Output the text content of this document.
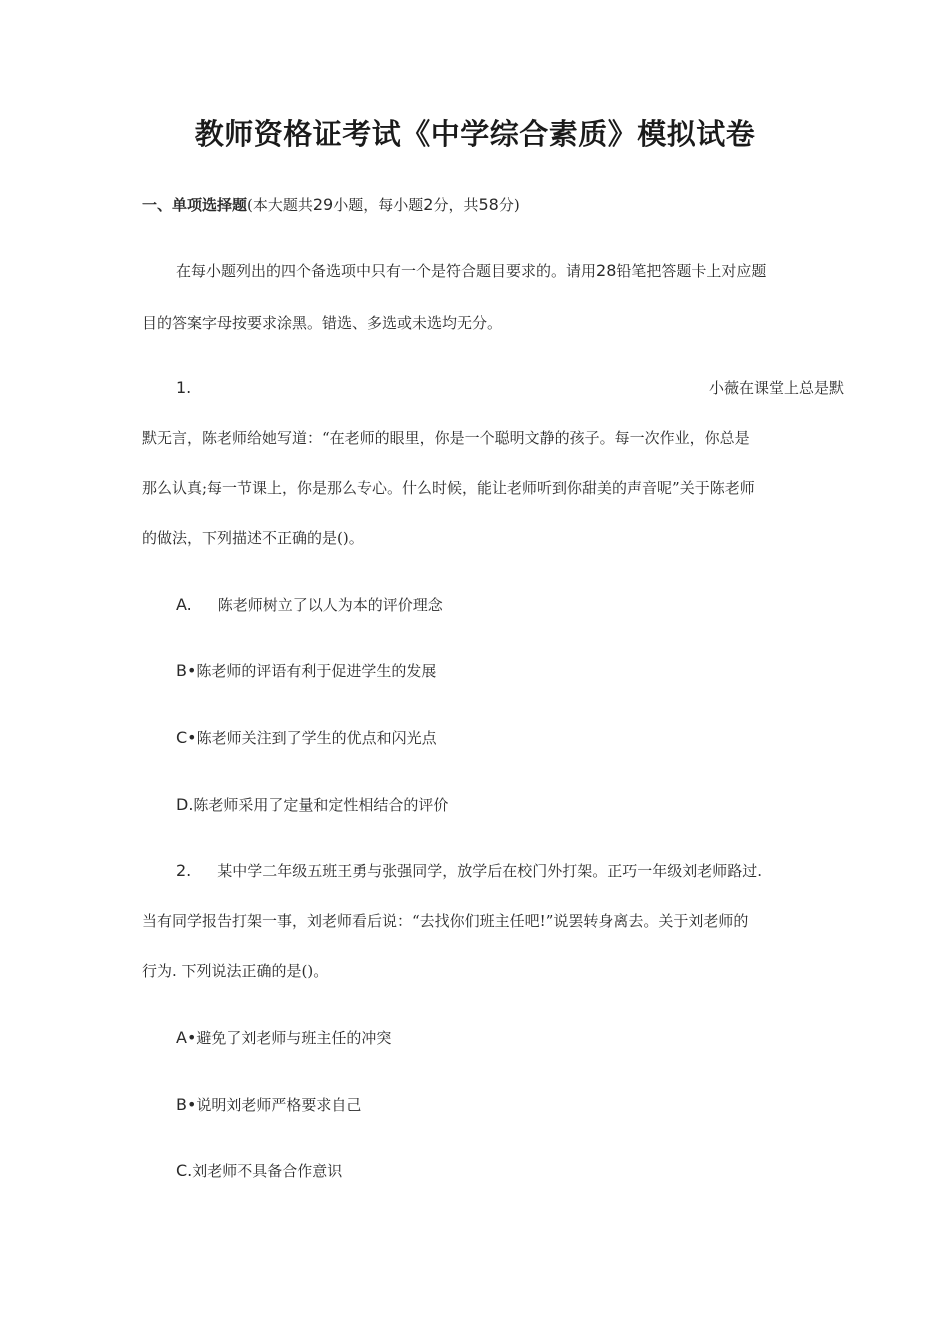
教师资格证考试《中学综合素质》模拟试卷
一、单项选择题(本大题共29小题，每小题2分，共58分)
在每小题列出的四个备选项中只有一个是符合题目要求的。请用28铅笔把答题卡上对应题
目的答案字母按要求涂黑。错选、多选或未选均无分。
1.	小薇在课堂上总是默
默无言，陈老师给她写道：“在老师的眼里，你是一个聪明文静的孩子。每一次作业，你总是
那么认真;每一节课上，你是那么专心。什么时候，能让老师听到你甜美的声音呢”关于陈老师
的做法，下列描述不正确的是()。
A. 陈老师树立了以人为本的评价理念
B•陈老师的评语有利于促进学生的发展
C•陈老师关注到了学生的优点和闪光点
D.陈老师采用了定量和定性相结合的评价
2. 某中学二年级五班王勇与张强同学，放学后在校门外打架。正巧一年级刘老师路过.
当有同学报告打架一事，刘老师看后说：“去找你们班主任吧!”说罢转身离去。关于刘老师的
行为. 下列说法正确的是()。
A•避免了刘老师与班主任的冲突
B•说明刘老师严格要求自己
C.刘老师不具备合作意识
